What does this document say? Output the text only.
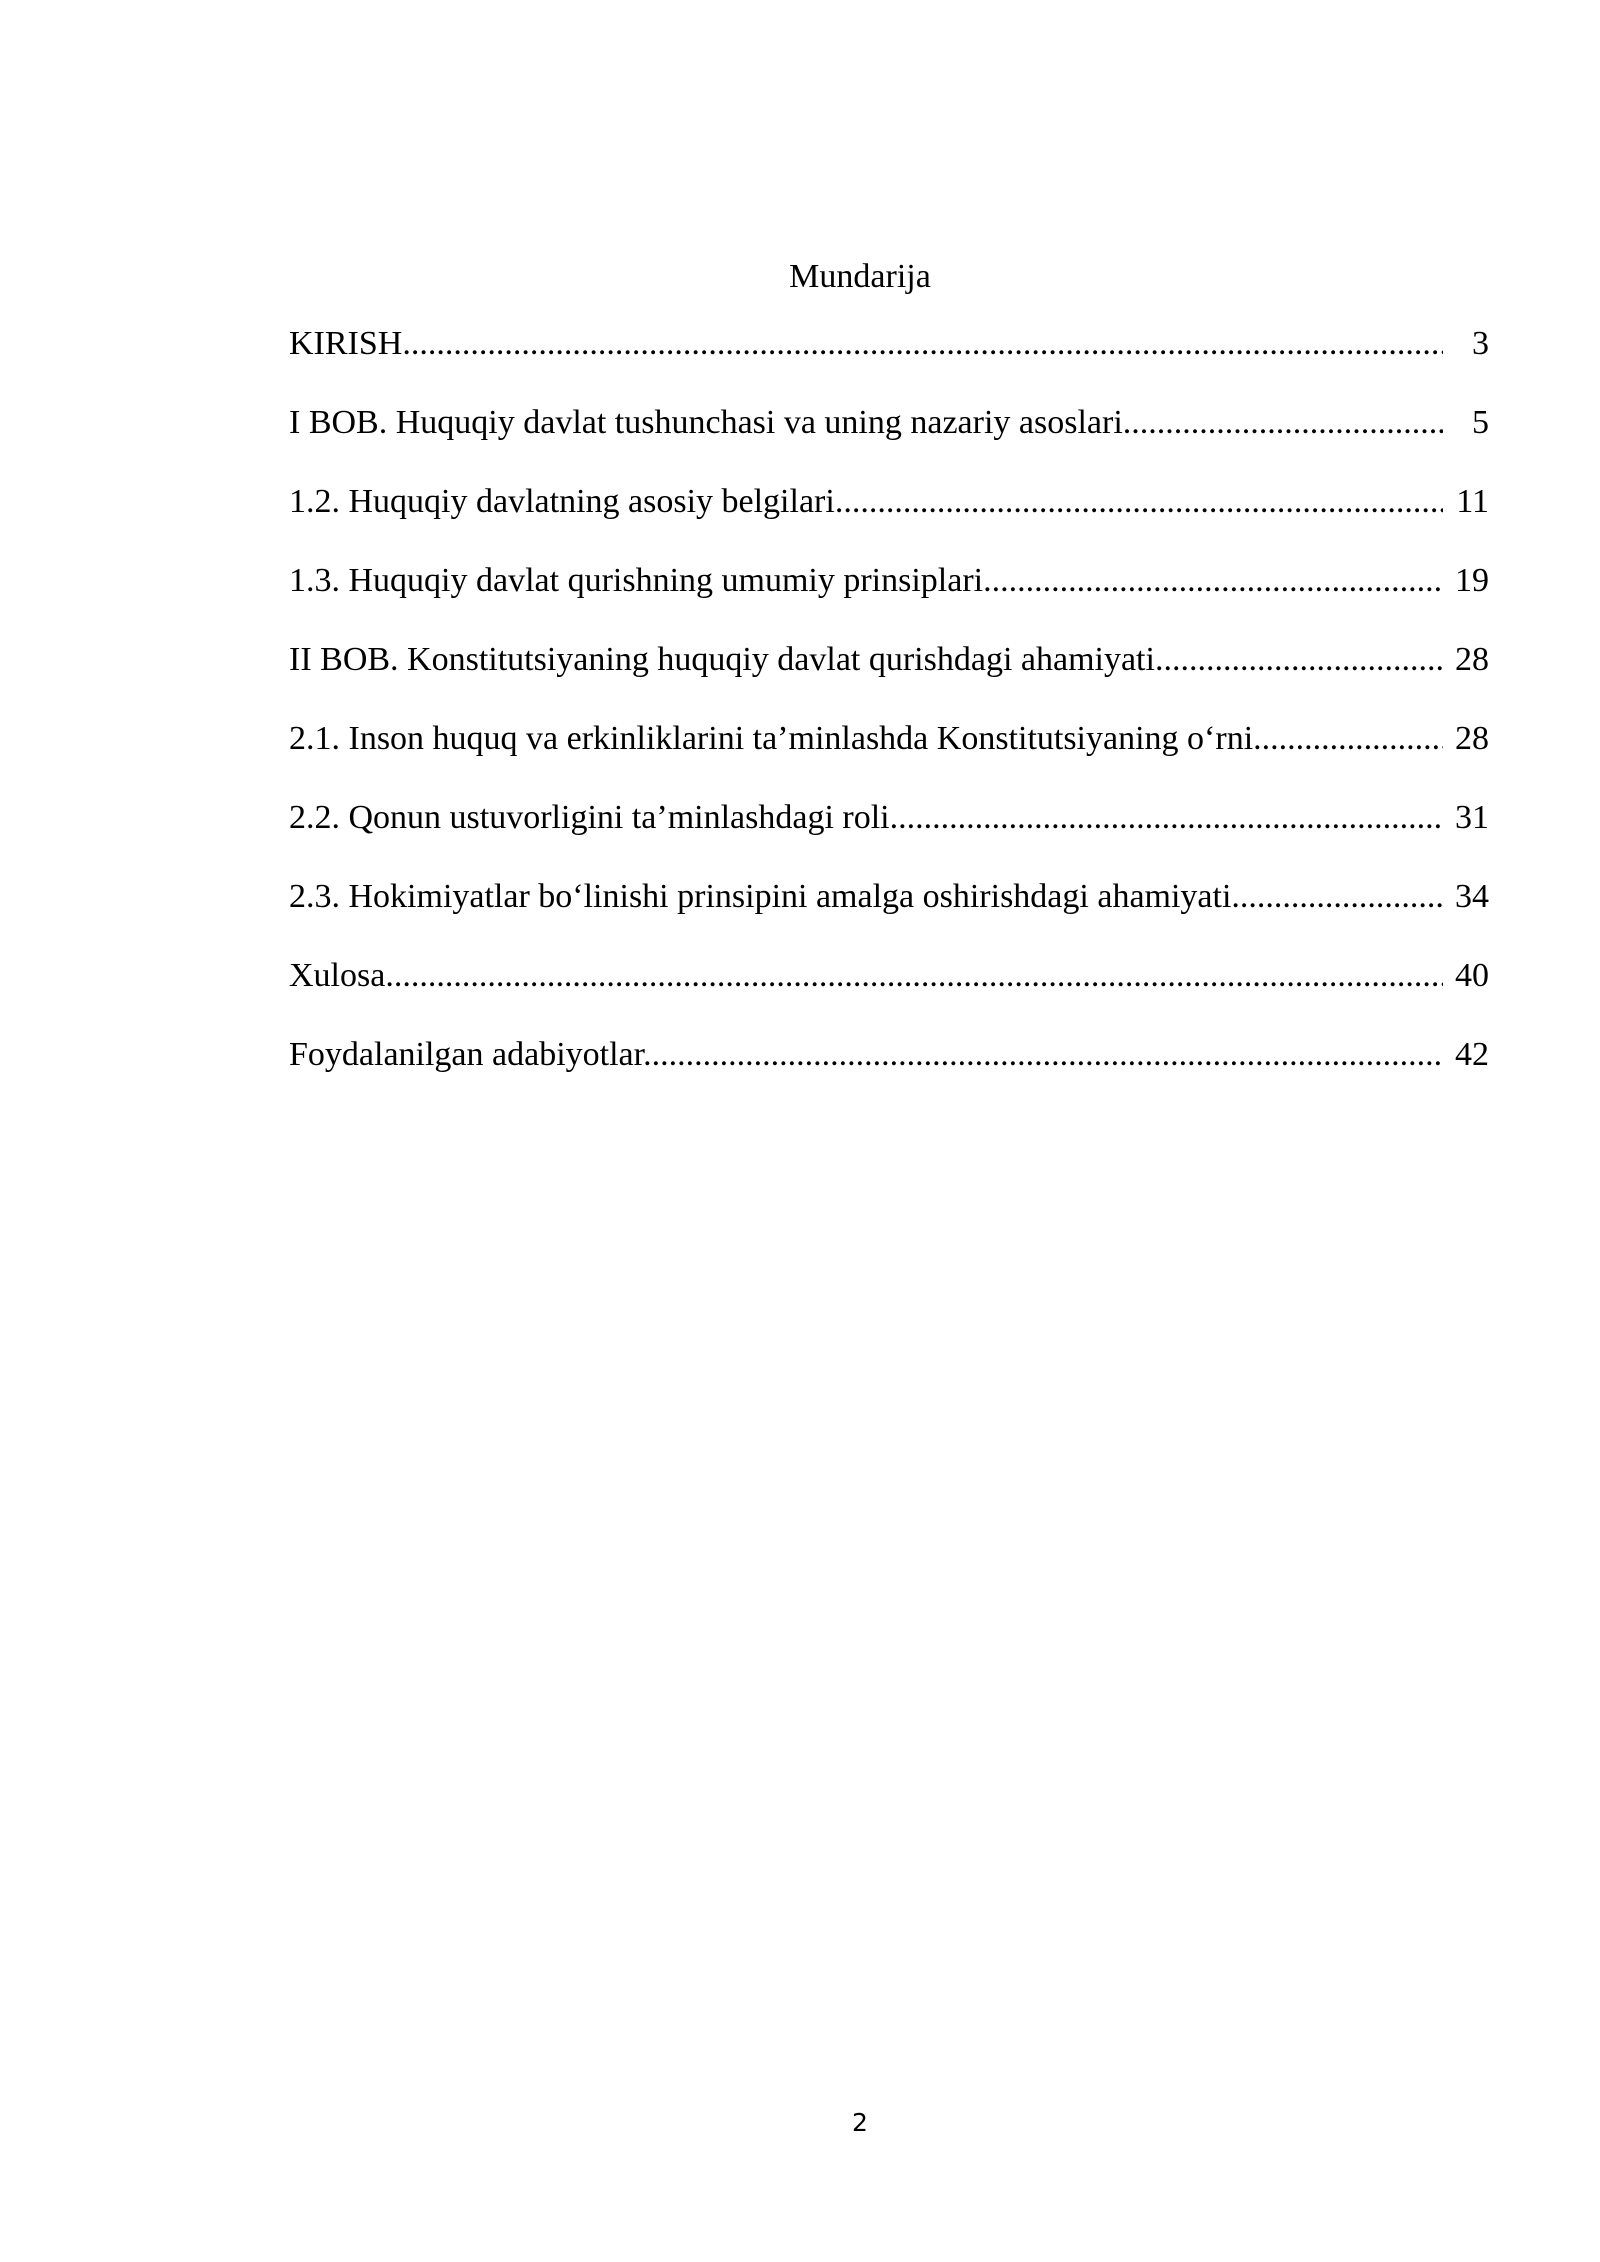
Mundarija
KIRISH .....	3
I BOB. Huquqiy davlat tushunchasi va uning nazariy asoslari .....	5
1.2. Huquqiy davlatning asosiy belgilari .....	11
1.3. Huquqiy davlat qurishning umumiy prinsiplari .....	19
II BOB. Konstitutsiyaning huquqiy davlat qurishdagi ahamiyati .....	28
2.1. Inson huquq va erkinliklarini ta’minlashda Konstitutsiyaning o‘rni .....	28
2.2. Qonun ustuvorligini ta’minlashdagi roli .....	31
2.3. Hokimiyatlar bo‘linishi prinsipini amalga oshirishdagi ahamiyati .....	34
Xulosa .....	40
Foydalanilgan adabiyotlar .....	42
2
